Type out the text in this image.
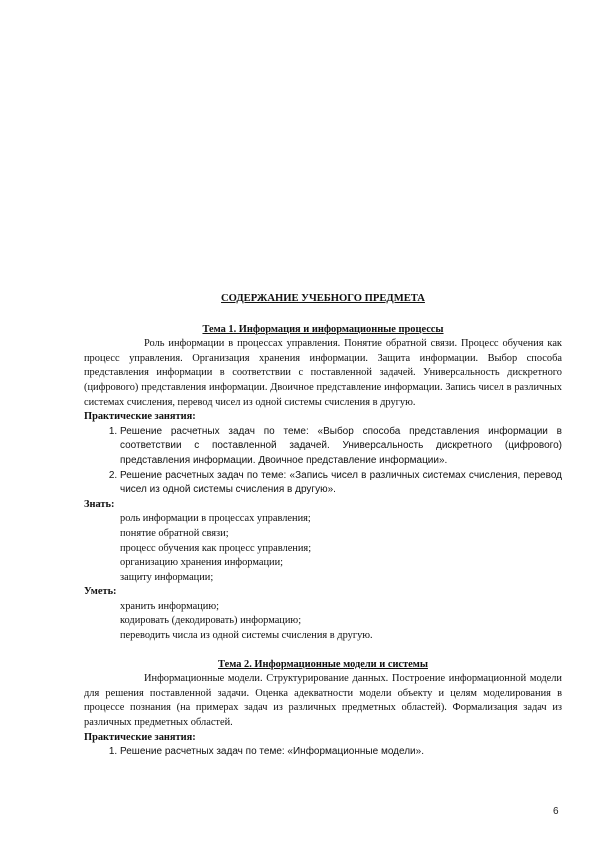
СОДЕРЖАНИЕ УЧЕБНОГО ПРЕДМЕТА

Тема 1. Информация и информационные процессы

Роль информации в процессах управления. Понятие обратной связи. Процесс обучения как процесс управления. Организация хранения информации. Защита информации. Выбор способа представления информации в соответствии с поставленной задачей. Универсальность дискретного (цифрового) представления информации. Двоичное представление информации. Запись чисел в различных системах счисления, перевод чисел из одной системы счисления в другую.

Практические занятия:

1. Решение расчетных задач по теме: «Выбор способа представления информации в соответствии с поставленной задачей. Универсальность дискретного (цифрового) представления информации. Двоичное представление информации».
2. Решение расчетных задач по теме: «Запись чисел в различных системах счисления, перевод чисел из одной системы счисления в другую».

Знать:

роль информации в процессах управления;
понятие обратной связи;
процесс обучения как процесс управления;
организацию хранения информации;
защиту информации;

Уметь:

хранить информацию;
кодировать (декодировать) информацию;
переводить числа из одной системы счисления в другую.

Тема 2. Информационные модели и системы

Информационные модели. Структурирование данных. Построение информационной модели для решения поставленной задачи. Оценка адекватности модели объекту и целям моделирования в процессе познания (на примерах задач из различных предметных областей). Формализация задач из различных предметных областей.

Практические занятия:

1. Решение расчетных задач по теме: «Информационные модели».
6
